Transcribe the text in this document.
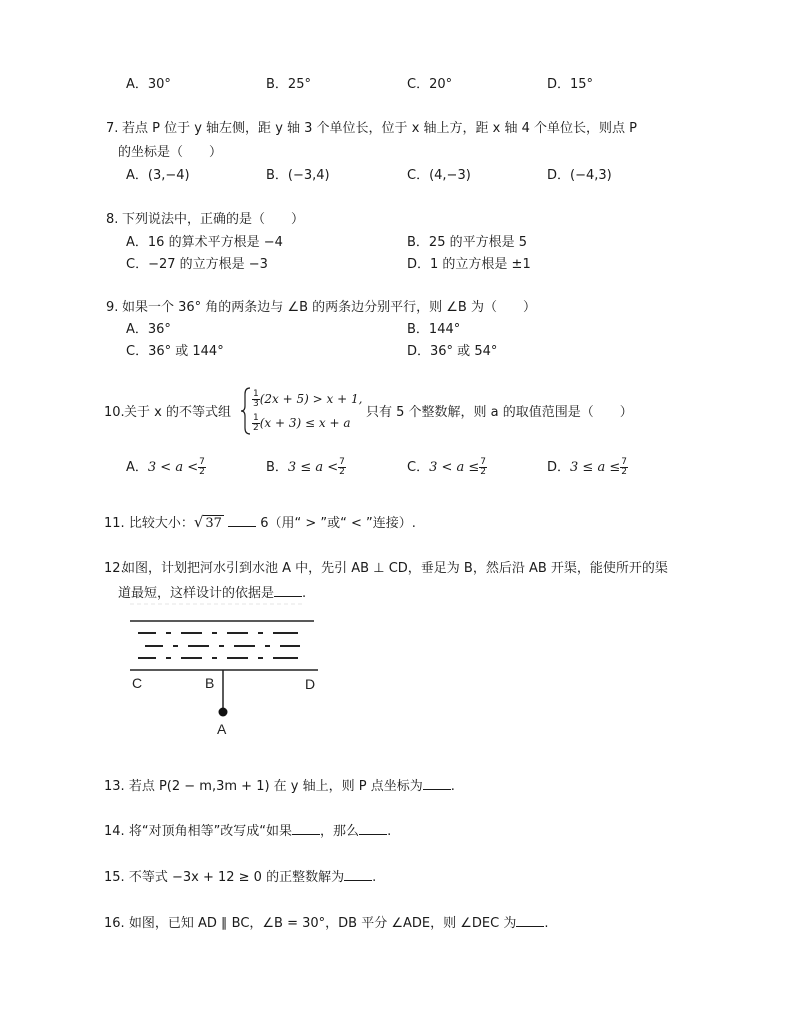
A．30°	B．25°	C．20°	D．15°
7. 若点 P 位于 y 轴左侧，距 y 轴 3 个单位长，位于 x 轴上方，距 x 轴 4 个单位长，则点 P
的坐标是（　　）
A．(3,−4)	B．(−3,4)	C．(4,−3)	D．(−4,3)
8. 下列说法中，正确的是（　　）
A．16 的算术平方根是 −4	B．25 的平方根是 5
C．−27 的立方根是 −3	D．1 的立方根是 ±1
9. 如果一个 36° 角的两条边与 ∠B 的两条边分别平行，则 ∠B 为（　　）
A．36°	B．144°
C．36° 或 144°	D．36° 或 54°
10. 关于 x 的不等式组
$\frac{1}{3} (2x + 5) > x + 1$,
$\frac{1}{2} (x + 3) \le x + a$
只有 5 个整数解，则 a 的取值范围是（　　）
A．$3 < a < \frac{7}{2}$	B．$3 \le a < \frac{7}{2}$	C．$3 < a \le \frac{7}{2}$	D．$3 \le a \le \frac{7}{2}$
11. 比较大小：√ 37	6（用“ > ”或“ < ”连接）.
12.
如图，计划把河水引到水池 A 中，先引 AB ⊥ CD，垂足为 B，然后沿 AB 开渠，能使所开的渠
道最短，这样设计的依据是 .
C	B	D
A
13. 若点 P(2 − m,3m + 1) 在 y 轴上，则 P 点坐标为 .
14. 将“对顶角相等”改写成“如果 ，那么 .
15. 不等式 −3x + 12 ≥ 0 的正整数解为 .
16. 如图，已知 AD ∥ BC，∠B = 30°，DB 平分 ∠ADE，则 ∠DEC 为 .
